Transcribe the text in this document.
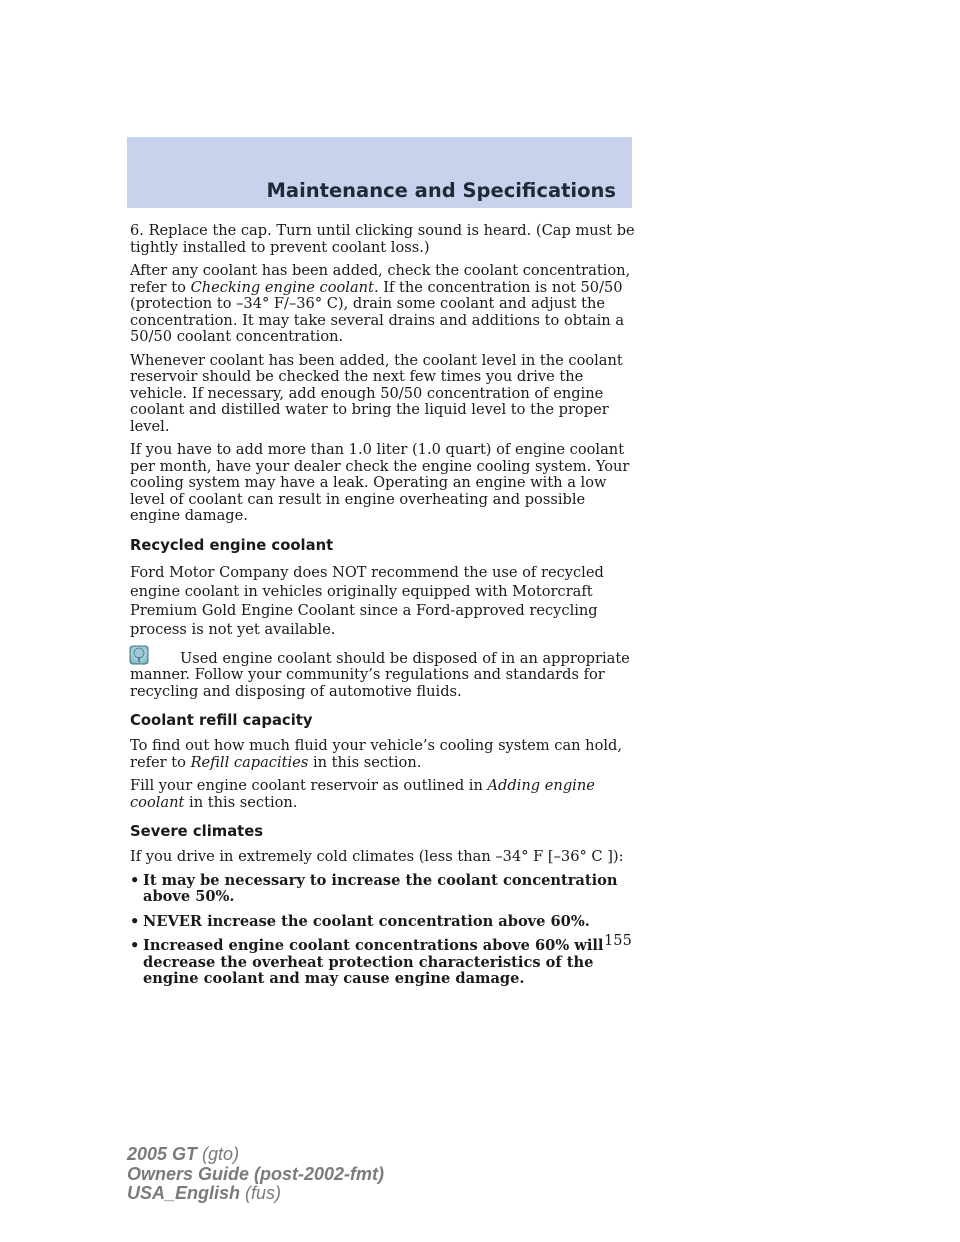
Maintenance and Specifications

6. Replace the cap. Turn until clicking sound is heard. (Cap must be tightly installed to prevent coolant loss.)

After any coolant has been added, check the coolant concentration, refer to Checking engine coolant. If the concentration is not 50/50 (protection to –34° F/–36° C), drain some coolant and adjust the concentration. It may take several drains and additions to obtain a 50/50 coolant concentration.

Whenever coolant has been added, the coolant level in the coolant reservoir should be checked the next few times you drive the vehicle. If necessary, add enough 50/50 concentration of engine coolant and distilled water to bring the liquid level to the proper level.

If you have to add more than 1.0 liter (1.0 quart) of engine coolant per month, have your dealer check the engine cooling system. Your cooling system may have a leak. Operating an engine with a low level of coolant can result in engine overheating and possible engine damage.

Recycled engine coolant

Ford Motor Company does NOT recommend the use of recycled engine coolant in vehicles originally equipped with Motorcraft Premium Gold Engine Coolant since a Ford-approved recycling process is not yet available.

Used engine coolant should be disposed of in an appropriate
manner. Follow your community’s regulations and standards for recycling and disposing of automotive fluids.

Coolant refill capacity

To find out how much fluid your vehicle’s cooling system can hold, refer to Refill capacities in this section.

Fill your engine coolant reservoir as outlined in Adding engine coolant in this section.

Severe climates

If you drive in extremely cold climates (less than –34° F [–36° C ]):

• It may be necessary to increase the coolant concentration above 50%.
• NEVER increase the coolant concentration above 60%.
• Increased engine coolant concentrations above 60% will decrease the overheat protection characteristics of the engine coolant and may cause engine damage.
155
2005 GT (gto)
Owners Guide (post-2002-fmt)
USA_English (fus)
